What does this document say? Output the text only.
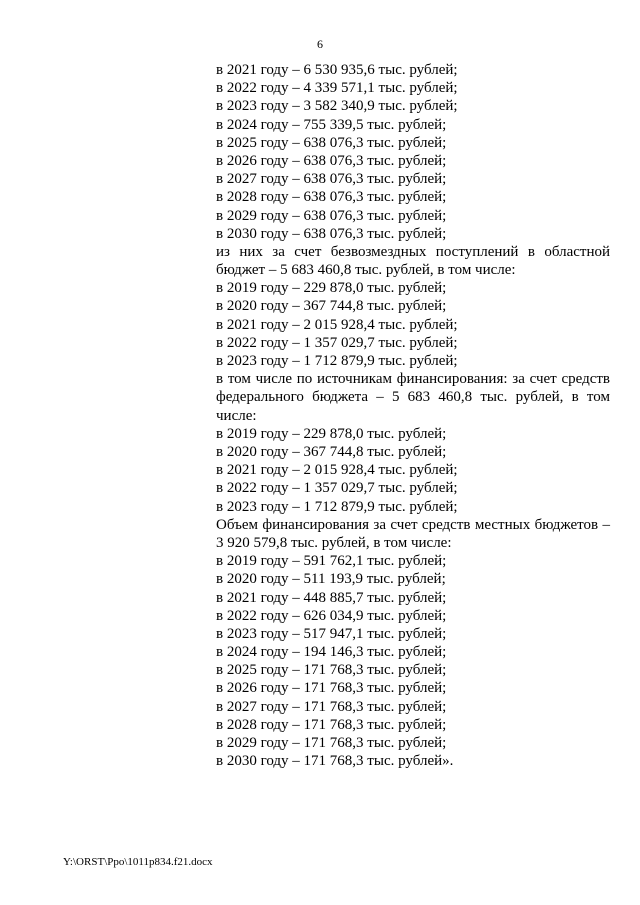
6
в 2021 году – 6 530 935,6 тыс. рублей;
в 2022 году – 4 339 571,1 тыс. рублей;
в 2023 году – 3 582 340,9 тыс. рублей;
в 2024 году – 755 339,5 тыс. рублей;
в 2025 году – 638 076,3 тыс. рублей;
в 2026 году – 638 076,3 тыс. рублей;
в 2027 году – 638 076,3 тыс. рублей;
в 2028 году – 638 076,3 тыс. рублей;
в 2029 году – 638 076,3 тыс. рублей;
в 2030 году – 638 076,3 тыс. рублей;
из них за счет безвозмездных поступлений в областной бюджет – 5 683 460,8 тыс. рублей, в том числе:
в 2019 году – 229 878,0 тыс. рублей;
в 2020 году – 367 744,8 тыс. рублей;
в 2021 году – 2 015 928,4 тыс. рублей;
в 2022 году – 1 357 029,7 тыс. рублей;
в 2023 году – 1 712 879,9 тыс. рублей;
в том числе по источникам финансирования: за счет средств федерального бюджета – 5 683 460,8 тыс. рублей, в том числе:
в 2019 году – 229 878,0 тыс. рублей;
в 2020 году – 367 744,8 тыс. рублей;
в 2021 году – 2 015 928,4 тыс. рублей;
в 2022 году – 1 357 029,7 тыс. рублей;
в 2023 году – 1 712 879,9 тыс. рублей;
Объем финансирования за счет средств местных бюджетов – 3 920 579,8 тыс. рублей, в том числе:
в 2019 году – 591 762,1 тыс. рублей;
в 2020 году – 511 193,9 тыс. рублей;
в 2021 году – 448 885,7 тыс. рублей;
в 2022 году – 626 034,9 тыс. рублей;
в 2023 году – 517 947,1 тыс. рублей;
в 2024 году – 194 146,3 тыс. рублей;
в 2025 году – 171 768,3 тыс. рублей;
в 2026 году – 171 768,3 тыс. рублей;
в 2027 году – 171 768,3 тыс. рублей;
в 2028 году – 171 768,3 тыс. рублей;
в 2029 году – 171 768,3 тыс. рублей;
в 2030 году – 171 768,3 тыс. рублей».
Y:\ORST\Ppo\1011p834.f21.docx
